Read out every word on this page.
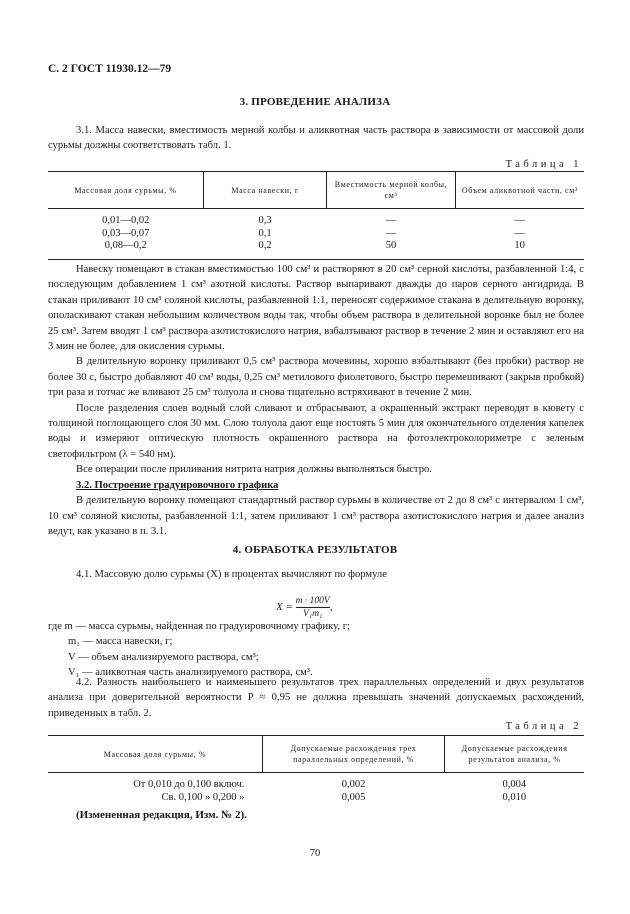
С. 2 ГОСТ 11930.12—79
3. ПРОВЕДЕНИЕ АНАЛИЗА

3.1. Масса навески, вместимость мерной колбы и аликвотная часть раствора в зависимости от массовой доли сурьмы должны соответствовать табл. 1.

Таблица 1
Массовая доля сурьмы, %	Масса навески, г	Вместимость мерной колбы, см³	Объем аликвотной части, см³
0,01—0,02	0,3	—	—
0,03—0,07	0,1	—	—
0,08—0,2	0,2	50	10

Навеску помещают в стакан вместимостью 100 см³ и растворяют в 20 см³ серной кислоты, разбавленной 1:4, с последующим добавлением 1 см³ азотной кислоты. Раствор выпаривают дважды до паров серного ангидрида. В стакан приливают 10 см³ соляной кислоты, разбавленной 1:1, переносят содержимое стакана в делительную воронку, ополаскивают стакан небольшим количеством воды так, чтобы объем раствора в делительной воронке был не более 25 см³. Затем вводят 1 см³ раствора азотистокислого натрия, взбалтывают раствор в течение 2 мин и оставляют его на 3 мин не более, для окисления сурьмы.

В делительную воронку приливают 0,5 см³ раствора мочевины, хорошо взбалтывают (без пробки) раствор не более 30 с, быстро добавляют 40 см³ воды, 0,25 см³ метилового фиолетового, быстро перемешивают (закрыв пробкой) три раза и тотчас же вливают 25 см³ толуола и снова тщательно встряхивают в течение 2 мин.

После разделения слоев водный слой сливают и отбрасывают, а окрашенный экстракт переводят в кювету с толщиной поглощающего слоя 30 мм. Слою толуола дают еще постоять 5 мин для окончательного отделения капелек воды и измеряют оптическую плотность окрашенного раствора на фотоэлектроколориметре с зеленым светофильтром (λ = 540 нм).

Все операции после приливания нитрита натрия должны выполняться быстро.

3.2. Построение градуировочного графика

В делительную воронку помещают стандартный раствор сурьмы в количестве от 2 до 8 см³ с интервалом 1 см³, 10 см³ соляной кислоты, разбавленной 1:1, затем приливают 1 см³ раствора азотистокислого натрия и далее анализ ведут, как указано в п. 3.1.

4. ОБРАБОТКА РЕЗУЛЬТАТОВ

4.1. Массовую долю сурьмы (X) в процентах вычисляют по формуле

$X = \frac{m \cdot 100V}{\text{V₁m₁}}$ ,
где m — масса сурьмы, найденная по градуировочному графику, г;
m₁ — масса навески, г;
V — объем анализируемого раствора, см³;
V₁ — аликвотная часть анализируемого раствора, см³.

4.2. Разность наибольшего и наименьшего результатов трех параллельных определений и двух результатов анализа при доверительной вероятности P ≈ 0,95 не должна превышать значений допускаемых расхождений, приведенных в табл. 2.

Таблица 2
Массовая доля сурьмы, %	Допускаемые расхождения трех параллельных определений, %	Допускаемые расхождения результатов анализа, %
От 0,010 до 0,100 включ.	0,002	0,004
Св. 0,100 » 0,200 »	0,005	0,010
(Измененная редакция, Изм. № 2).
70
